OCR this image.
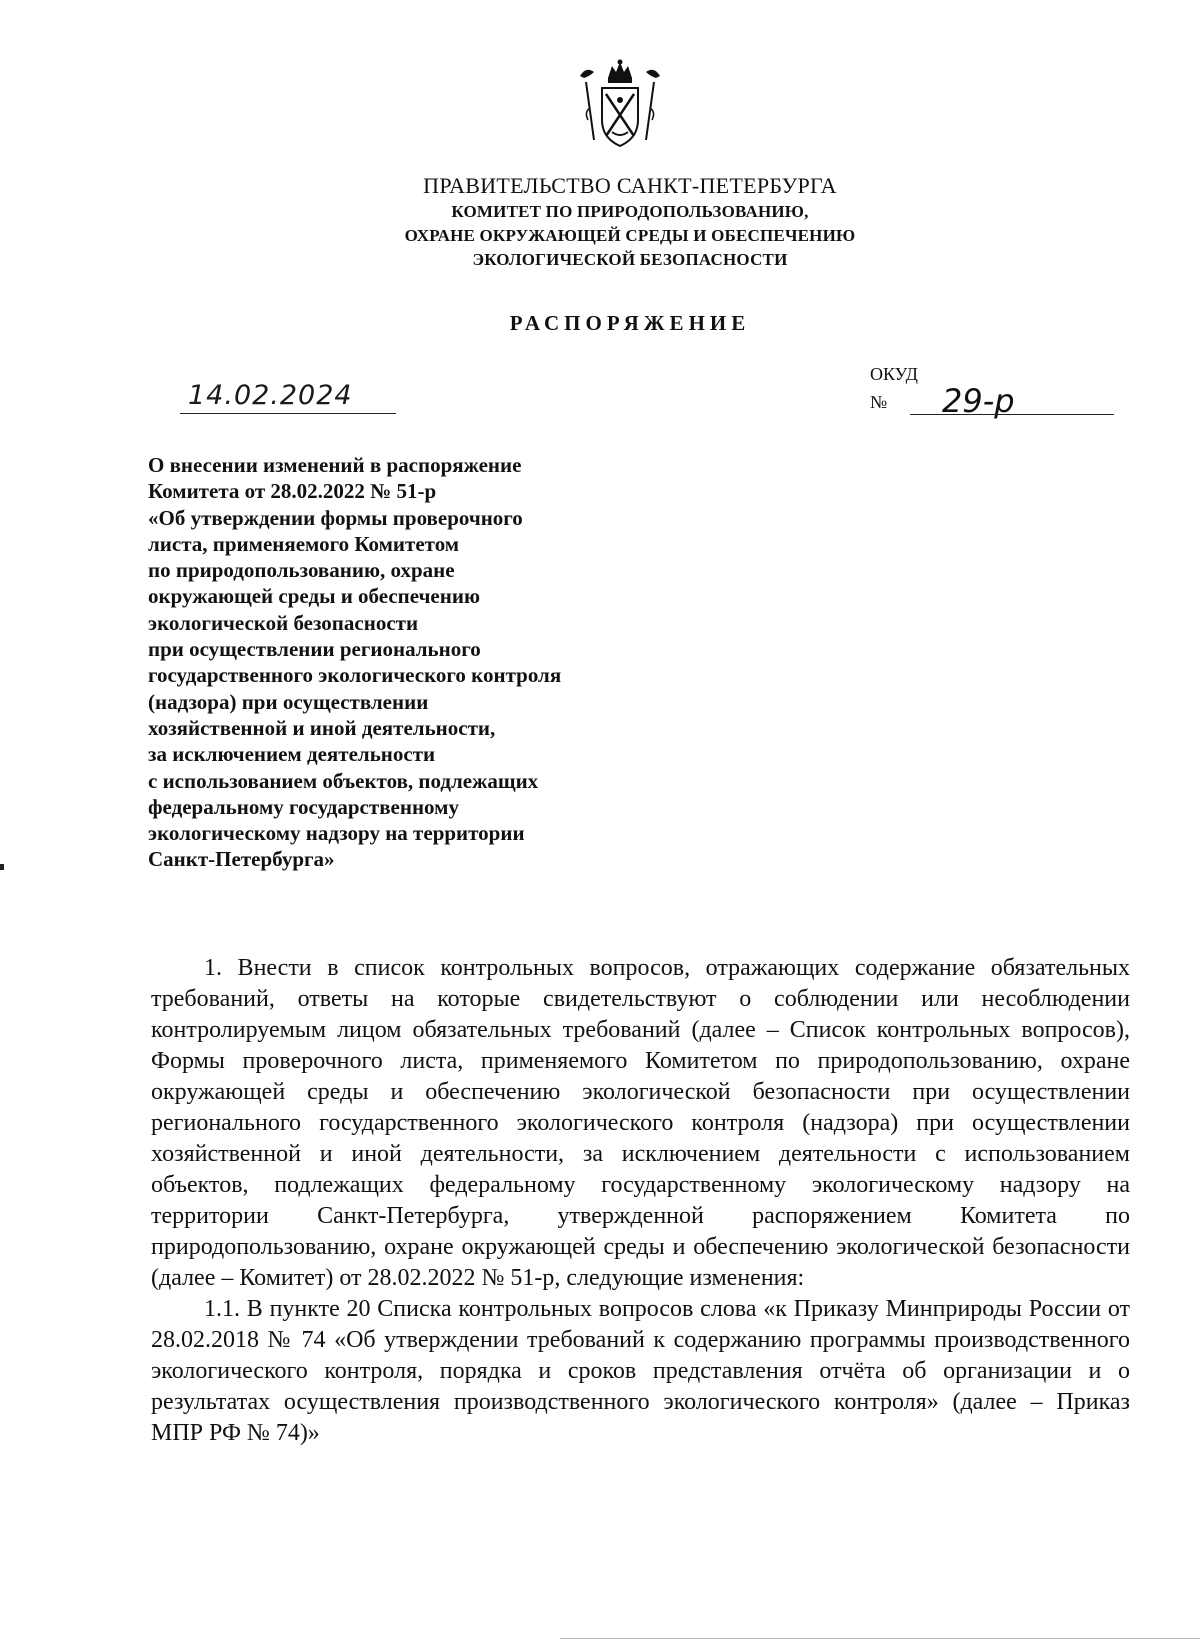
ПРАВИТЕЛЬСТВО САНКТ-ПЕТЕРБУРГА
КОМИТЕТ ПО ПРИРОДОПОЛЬЗОВАНИЮ,
ОХРАНЕ ОКРУЖАЮЩЕЙ СРЕДЫ И ОБЕСПЕЧЕНИЮ
ЭКОЛОГИЧЕСКОЙ БЕЗОПАСНОСТИ
РАСПОРЯЖЕНИЕ
14.02.2024
ОКУД
№ 29-р
О внесении изменений в распоряжение
Комитета от 28.02.2022 № 51-р
«Об утверждении формы проверочного
листа, применяемого Комитетом
по природопользованию, охране
окружающей среды и обеспечению
экологической безопасности
при осуществлении регионального
государственного экологического контроля
(надзора) при осуществлении
хозяйственной и иной деятельности,
за исключением деятельности
с использованием объектов, подлежащих
федеральному государственному
экологическому надзору на территории
Санкт-Петербурга»

1. Внести в список контрольных вопросов, отражающих содержание обязательных требований, ответы на которые свидетельствуют о соблюдении или несоблюдении контролируемым лицом обязательных требований (далее – Список контрольных вопросов), Формы проверочного листа, применяемого Комитетом по природопользованию, охране окружающей среды и обеспечению экологической безопасности при осуществлении регионального государственного экологического контроля (надзора) при осуществлении хозяйственной и иной деятельности, за исключением деятельности с использованием объектов, подлежащих федеральному государственному экологическому надзору на территории Санкт-Петербурга, утвержденной распоряжением Комитета по природопользованию, охране окружающей среды и обеспечению экологической безопасности (далее – Комитет) от 28.02.2022 № 51-р, следующие изменения:

1.1. В пункте 20 Списка контрольных вопросов слова «к Приказу Минприроды России от 28.02.2018 № 74 «Об утверждении требований к содержанию программы производственного экологического контроля, порядка и сроков представления отчёта об организации и о результатах осуществления производственного экологического контроля» (далее – Приказ МПР РФ № 74)»
